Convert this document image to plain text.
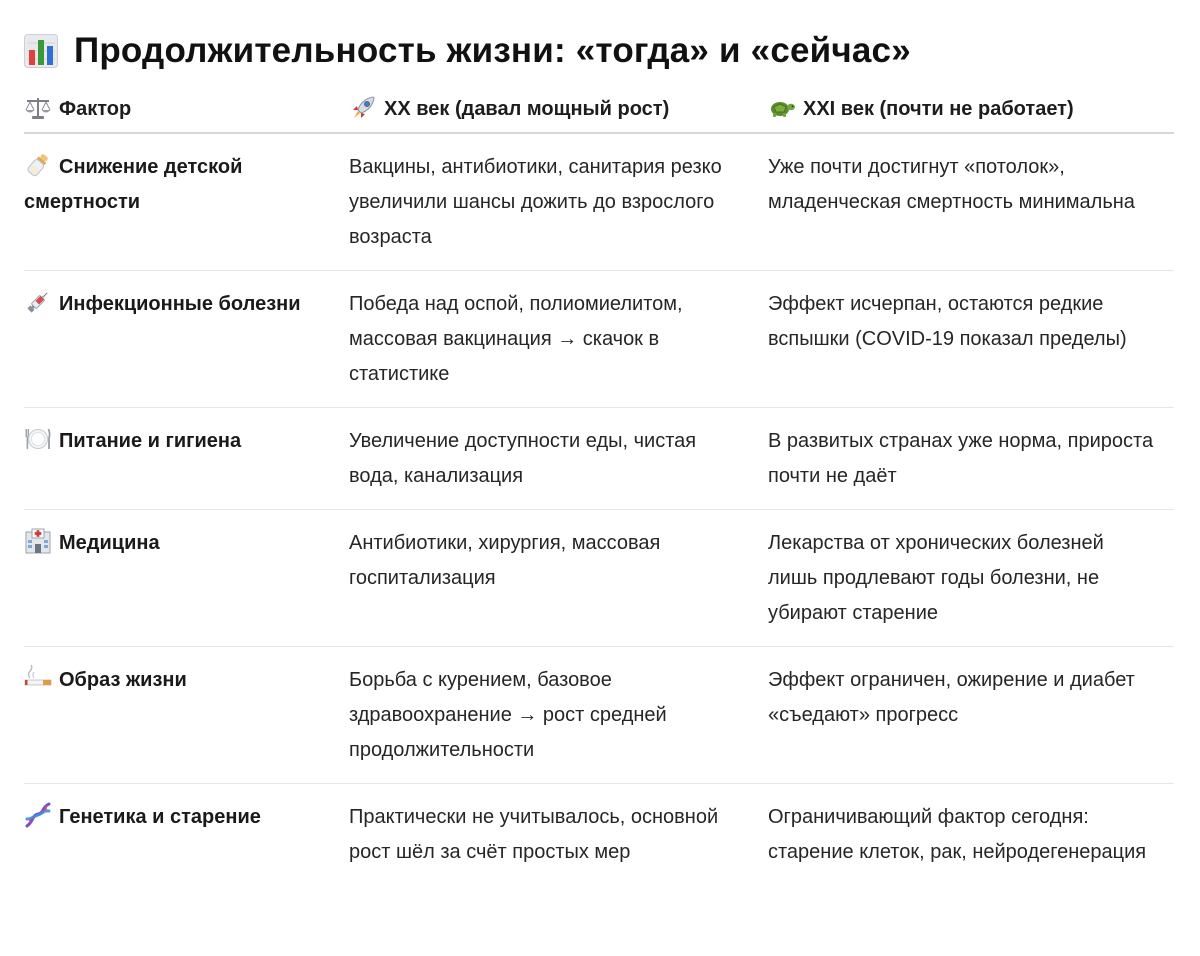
Продолжительность жизни: «тогда» и «сейчас»
Фактор	XX век (давал мощный рост)	XXI век (почти не работает)

Снижение детской смертности	Вакцины, антибиотики, санитария резко увеличили шансы дожить до взрослого возраста	Уже почти достигнут «потолок», младенческая смертность минимальна

Инфекционные болезни	Победа над оспой, полиомиелитом, массовая вакцинация → скачок в статистике	Эффект исчерпан, остаются редкие вспышки (COVID-19 показал пределы)

Питание и гигиена	Увеличение доступности еды, чистая вода, канализация	В развитых странах уже норма, прироста почти не даёт

Медицина	Антибиотики, хирургия, массовая госпитализация	Лекарства от хронических болезней лишь продлевают годы болезни, не убирают старение

Образ жизни	Борьба с курением, базовое здравоохранение → рост средней продолжительности	Эффект ограничен, ожирение и диабет «съедают» прогресс

Генетика и старение	Практически не учитывалось, основной рост шёл за счёт простых мер	Ограничивающий фактор сегодня: старение клеток, рак, нейродегенерация
